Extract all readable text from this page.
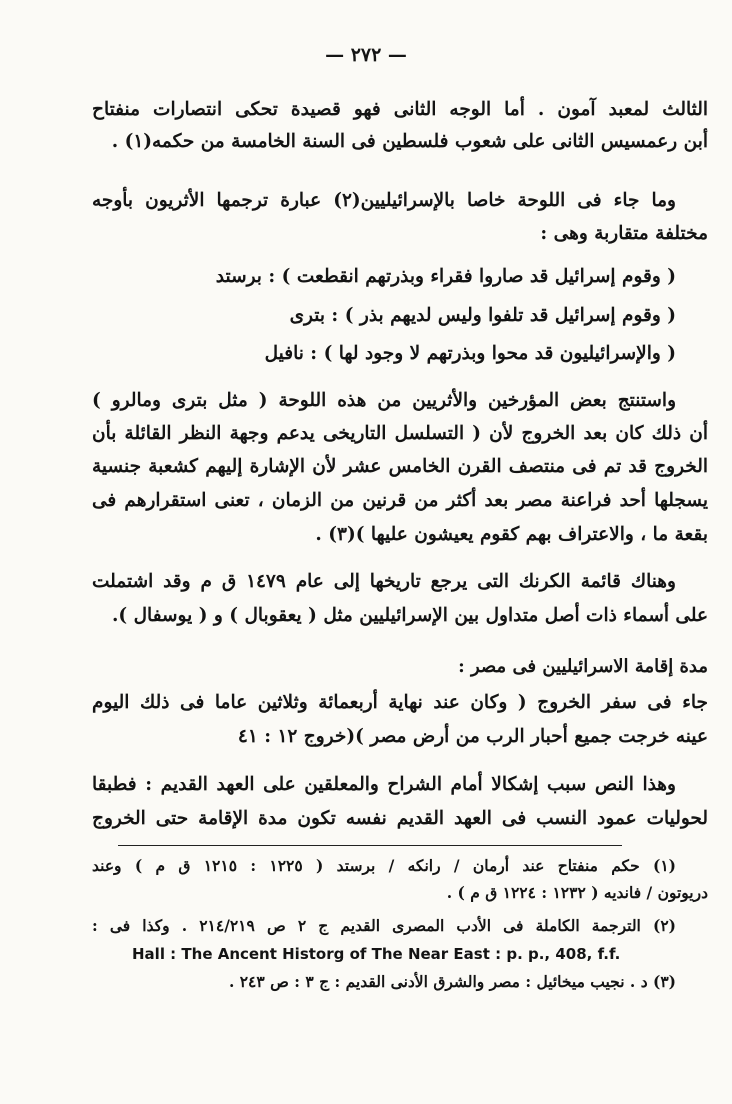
— ٢٧٢ —
الثالث لمعبد آمون . أما الوجه الثانى فهو قصيدة تحكى انتصارات منفتاح
أبن رعمسيس الثانى على شعوب فلسطين فى السنة الخامسة من حكمه(١) .
وما جاء فى اللوحة خاصا بالإسرائيليين(٢) عبارة ترجمها الأثريون بأوجه
مختلفة متقاربة وهى :
( وقوم إسرائيل قد صاروا فقراء وبذرتهم انقطعت ) : برستد
( وقوم إسرائيل قد تلفوا وليس لديهم بذر ) : بترى
( والإسرائيليون قد محوا وبذرتهم لا وجود لها ) : نافيل
واستنتج بعض المؤرخين والأثريين من هذه اللوحة ( مثل بترى ومالرو )
أن ذلك كان بعد الخروج لأن ( التسلسل التاريخى يدعم وجهة النظر القائلة بأن
الخروج قد تم فى منتصف القرن الخامس عشر لأن الإشارة إليهم كشعبة جنسية
يسجلها أحد فراعنة مصر بعد أكثر من قرنين من الزمان ، تعنى استقرارهم فى
بقعة ما ، والاعتراف بهم كقوم يعيشون عليها )(٣) .
وهناك قائمة الكرنك التى يرجع تاريخها إلى عام ١٤٧٩ ق م وقد اشتملت
على أسماء ذات أصل متداول بين الإسرائيليين مثل ( يعقوبال ) و ( يوسفال ).
مدة إقامة الاسرائيليين فى مصر :
جاء فى سفر الخروج ( وكان عند نهاية أربعمائة وثلاثين عاما فى ذلك اليوم
عينه خرجت جميع أحبار الرب من أرض مصر )(خروج ١٢ : ٤١
وهذا النص سبب إشكالا أمام الشراح والمعلقين على العهد القديم : فطبقا
لحوليات عمود النسب فى العهد القديم نفسه تكون مدة الإقامة حتى الخروج
(١) حكم منفتاح عند أرمان / رانكه / برستد ( ١٢٢٥ : ١٢١٥ ق م ) وعند
دريوتون / فانديه ( ١٢٣٢ : ١٢٢٤ ق م ) .
(٢) الترجمة الكاملة فى الأدب المصرى القديم ج ٢ ص ٢١٤/٢١٩ . وكذا فى :
Hall : The Ancent Historg of The Near East : p. p., 408, f.f.
(٣) د . نجيب ميخائيل : مصر والشرق الأدنى القديم : ج ٣ : ص ٢٤٣ .
